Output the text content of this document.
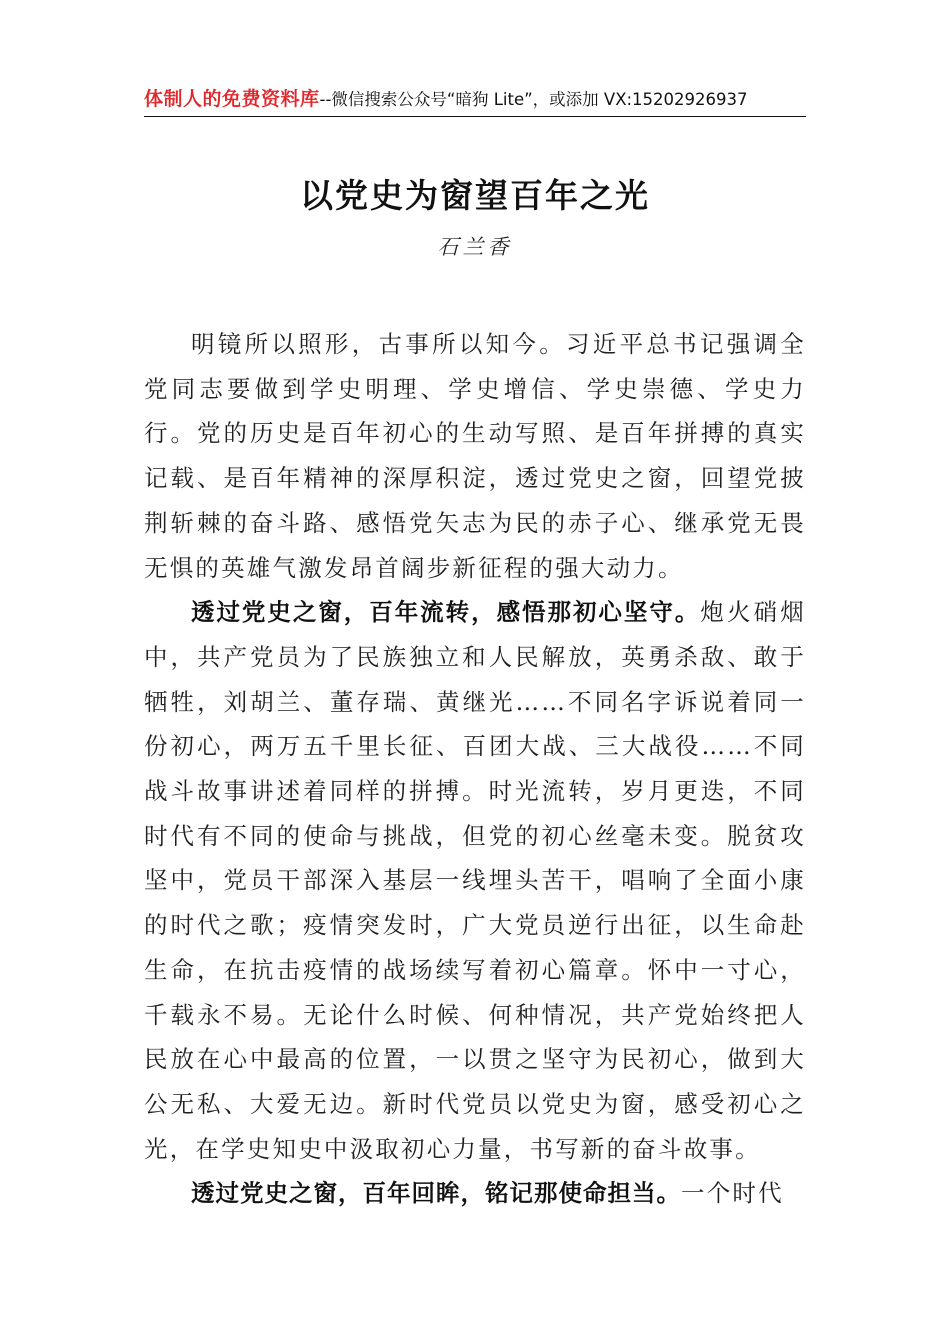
体制人的免费资料库--微信搜索公众号“暗狗 Lite”，或添加 VX:15202926937
以党史为窗望百年之光
石兰香

明镜所以照形，古事所以知今。习近平总书记强调全党同志要做到学史明理、学史增信、学史崇德、学史力行。党的历史是百年初心的生动写照、是百年拼搏的真实记载、是百年精神的深厚积淀，透过党史之窗，回望党披荆斩棘的奋斗路、感悟党矢志为民的赤子心、继承党无畏无惧的英雄气激发昂首阔步新征程的强大动力。

透过党史之窗，百年流转，感悟那初心坚守。炮火硝烟中，共产党员为了民族独立和人民解放，英勇杀敌、敢于牺牲，刘胡兰、董存瑞、黄继光……不同名字诉说着同一份初心，两万五千里长征、百团大战、三大战役……不同战斗故事讲述着同样的拼搏。时光流转，岁月更迭，不同时代有不同的使命与挑战，但党的初心丝毫未变。脱贫攻坚中，党员干部深入基层一线埋头苦干，唱响了全面小康的时代之歌；疫情突发时，广大党员逆行出征，以生命赴生命，在抗击疫情的战场续写着初心篇章。怀中一寸心，千载永不易。无论什么时候、何种情况，共产党始终把人民放在心中最高的位置，一以贯之坚守为民初心，做到大公无私、大爱无边。新时代党员以党史为窗，感受初心之光，在学史知史中汲取初心力量，书写新的奋斗故事。

透过党史之窗，百年回眸，铭记那使命担当。一个时代
